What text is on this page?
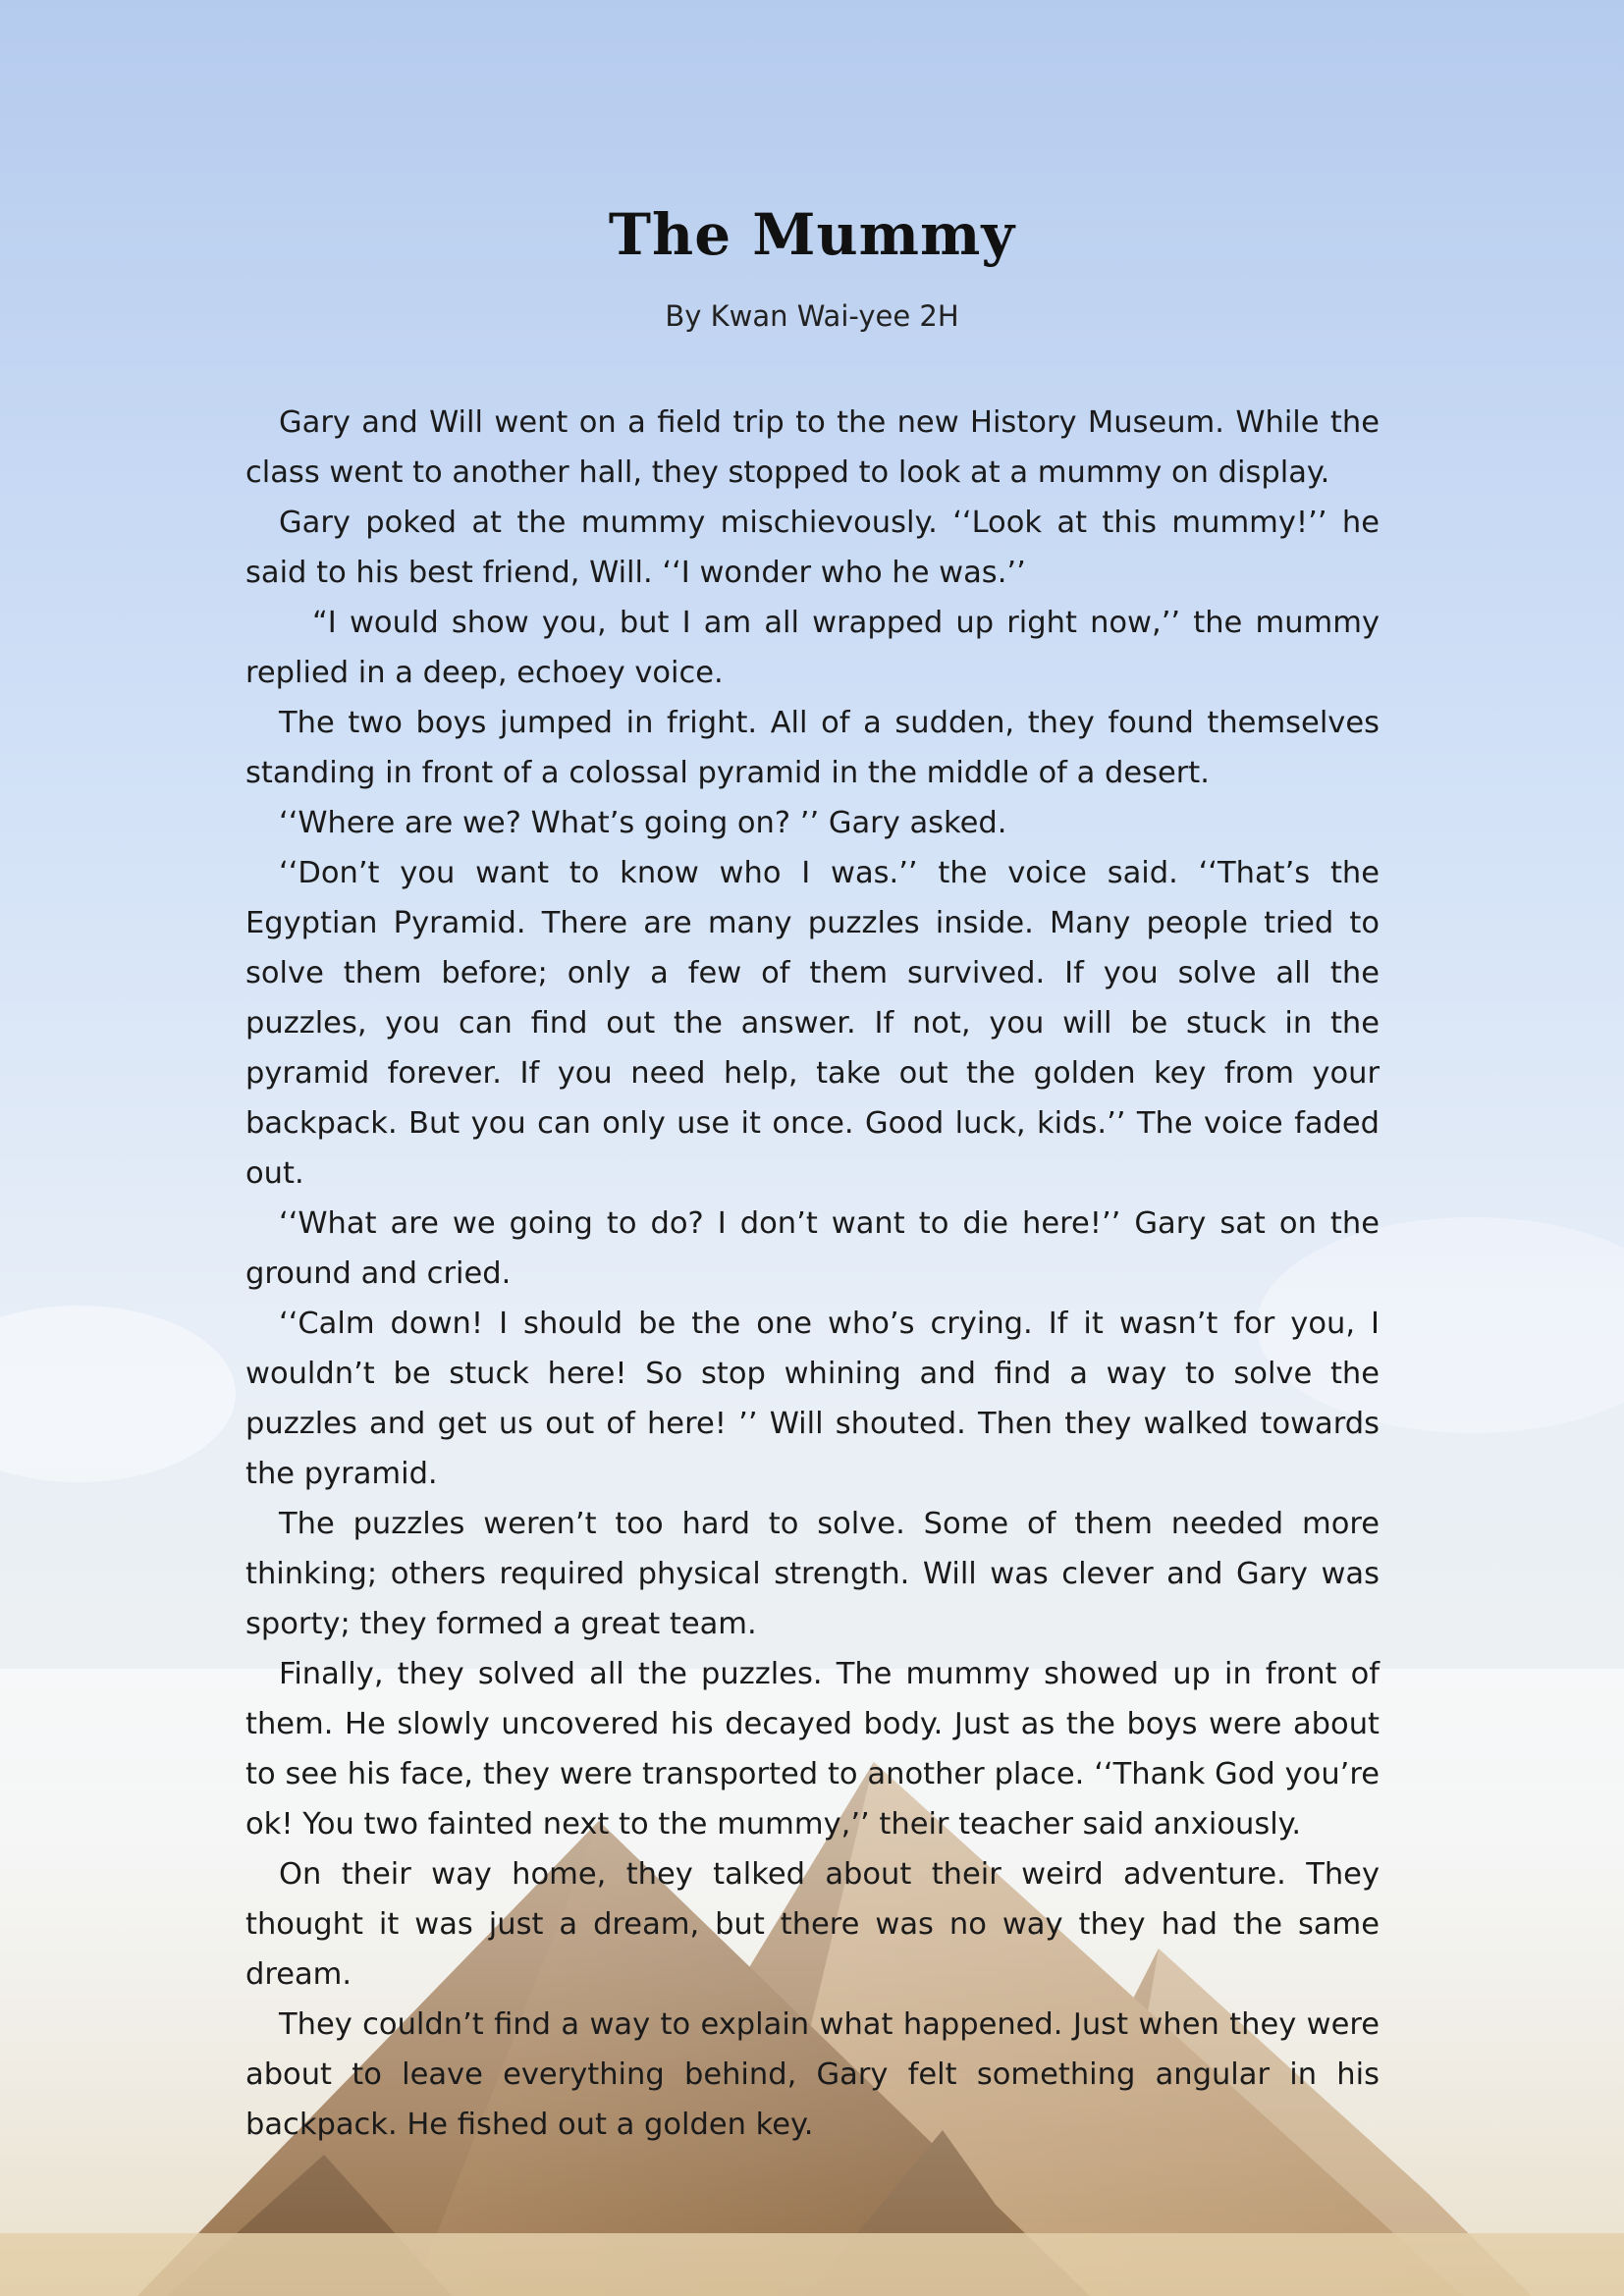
The Mummy

By Kwan Wai-yee 2H

Gary and Will went on a field trip to the new History Museum. While the class went to another hall, they stopped to look at a mummy on display.

Gary poked at the mummy mischievously. ‘‘Look at this mummy!’’ he said to his best friend, Will. ‘‘I wonder who he was.’’

“I would show you, but I am all wrapped up right now,’’ the mummy replied in a deep, echoey voice.

The two boys jumped in fright. All of a sudden, they found themselves standing in front of a colossal pyramid in the middle of a desert.

‘‘Where are we? What’s going on? ’’ Gary asked.

‘‘Don’t you want to know who I was.’’ the voice said. ‘‘That’s the Egyptian Pyramid. There are many puzzles inside. Many people tried to solve them before; only a few of them survived. If you solve all the puzzles, you can find out the answer. If not, you will be stuck in the pyramid forever. If you need help, take out the golden key from your backpack. But you can only use it once. Good luck, kids.’’ The voice faded out.

‘‘What are we going to do? I don’t want to die here!’’ Gary sat on the ground and cried.

‘‘Calm down! I should be the one who’s crying. If it wasn’t for you, I wouldn’t be stuck here! So stop whining and find a way to solve the puzzles and get us out of here! ’’ Will shouted. Then they walked towards the pyramid.

The puzzles weren’t too hard to solve. Some of them needed more thinking; others required physical strength. Will was clever and Gary was sporty; they formed a great team.

Finally, they solved all the puzzles. The mummy showed up in front of them. He slowly uncovered his decayed body. Just as the boys were about to see his face, they were transported to another place. ‘‘Thank God you’re ok! You two fainted next to the mummy,’’ their teacher said anxiously.

On their way home, they talked about their weird adventure. They thought it was just a dream, but there was no way they had the same dream.

They couldn’t find a way to explain what happened. Just when they were about to leave everything behind, Gary felt something angular in his backpack. He fished out a golden key.
